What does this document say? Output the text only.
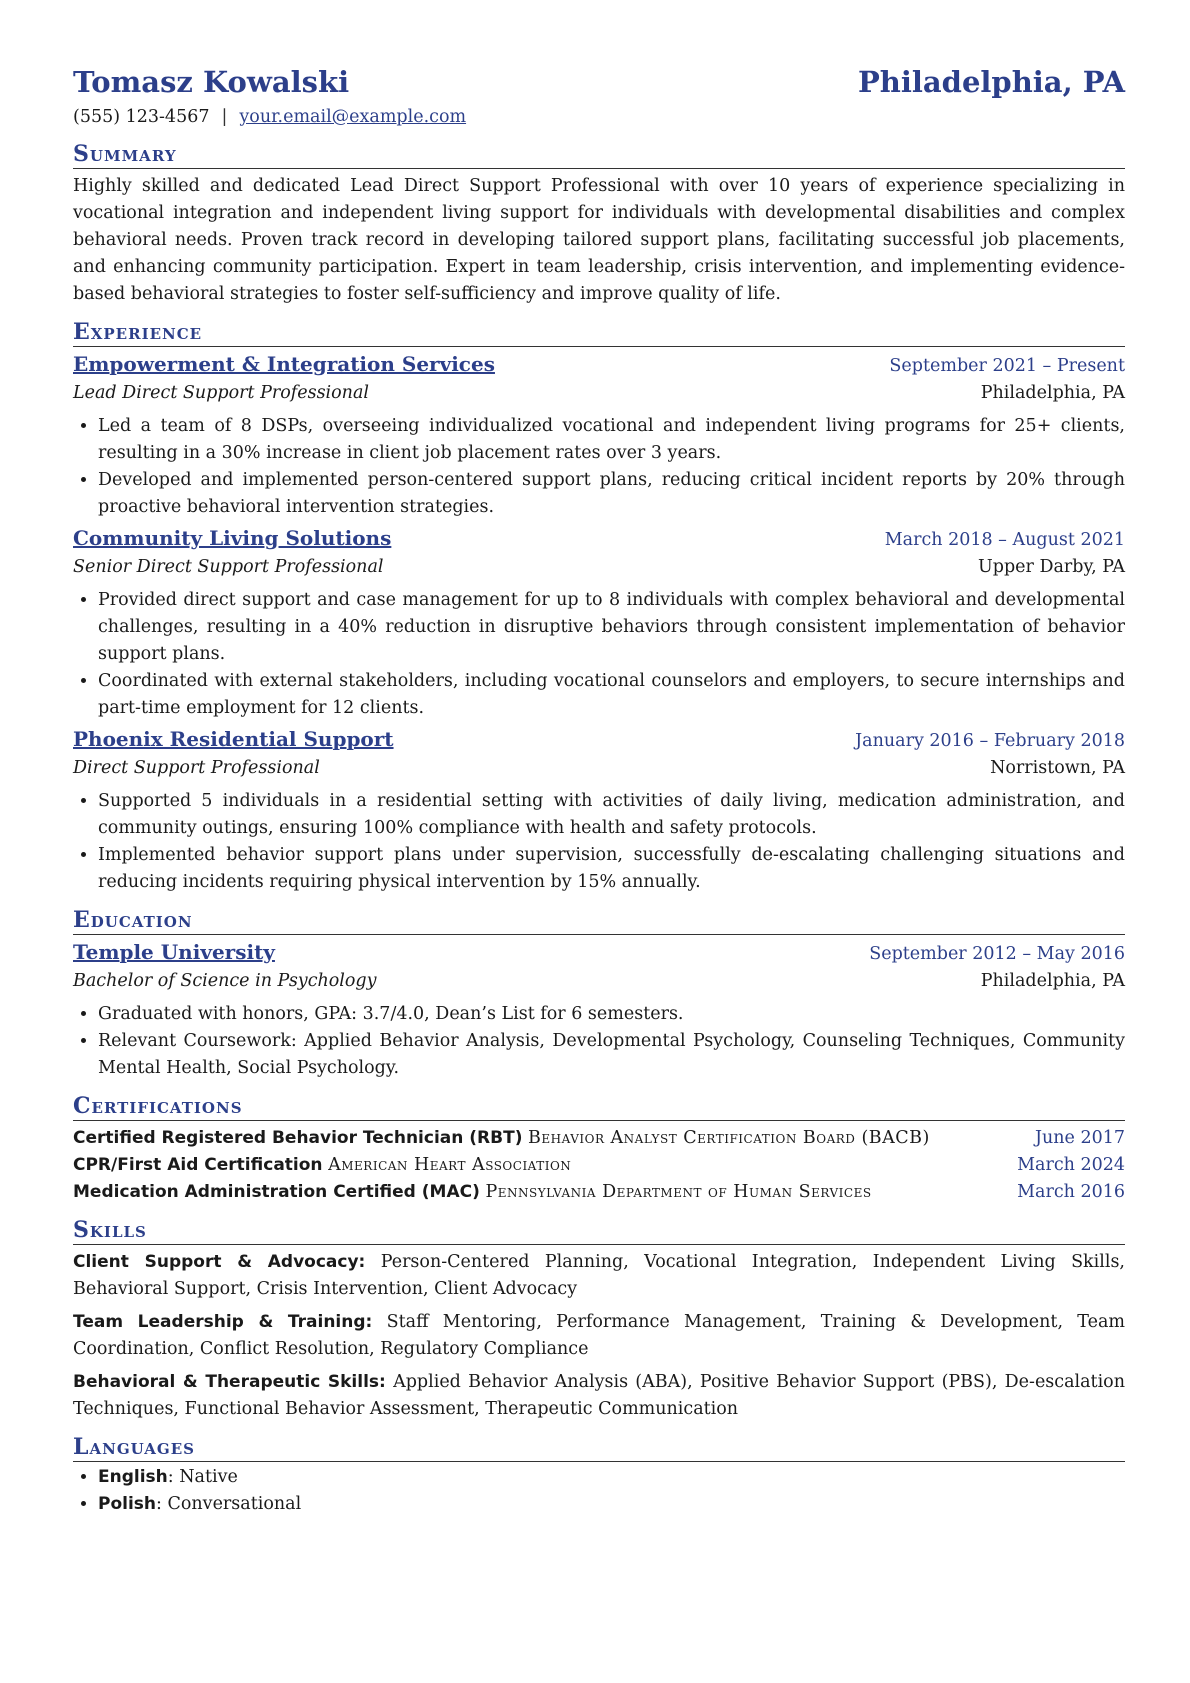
Tomasz Kowalski	Philadelphia, PA
(555) 123-4567 | your.email@example.com
Summary

Highly skilled and dedicated Lead Direct Support Professional with over 10 years of experience specializing in vocational integration and independent living support for individuals with developmental disabilities and complex behavioral needs. Proven track record in developing tailored support plans, facilitating successful job placements, and enhancing community participation. Expert in team leadership, crisis intervention, and implementing evidence-based behavioral strategies to foster self-sufficiency and improve quality of life.

Experience
Empowerment & Integration Services	September 2021 – Present
Lead Direct Support Professional	Philadelphia, PA
• Led a team of 8 DSPs, overseeing individualized vocational and independent living programs for 25+ clients, resulting in a 30% increase in client job placement rates over 3 years.
• Developed and implemented person-centered support plans, reducing critical incident reports by 20% through proactive behavioral intervention strategies.
Community Living Solutions	March 2018 – August 2021
Senior Direct Support Professional	Upper Darby, PA
• Provided direct support and case management for up to 8 individuals with complex behavioral and developmental challenges, resulting in a 40% reduction in disruptive behaviors through consistent implementation of behavior support plans.
• Coordinated with external stakeholders, including vocational counselors and employers, to secure internships and part-time employment for 12 clients.
Phoenix Residential Support	January 2016 – February 2018
Direct Support Professional	Norristown, PA
• Supported 5 individuals in a residential setting with activities of daily living, medication administration, and community outings, ensuring 100% compliance with health and safety protocols.
• Implemented behavior support plans under supervision, successfully de-escalating challenging situations and reducing incidents requiring physical intervention by 15% annually.
Education
Temple University	September 2012 – May 2016
Bachelor of Science in Psychology	Philadelphia, PA
• Graduated with honors, GPA: 3.7/4.0, Dean’s List for 6 semesters.
• Relevant Coursework: Applied Behavior Analysis, Developmental Psychology, Counseling Techniques, Community Mental Health, Social Psychology.
Certifications
Certified Registered Behavior Technician (RBT) Behavior Analyst Certification Board (BACB)	June 2017
CPR/First Aid Certification American Heart Association	March 2024
Medication Administration Certified (MAC) Pennsylvania Department of Human Services	March 2016
Skills
Client Support & Advocacy: Person-Centered Planning, Vocational Integration, Independent Living Skills, Behavioral Support, Crisis Intervention, Client Advocacy
Team Leadership & Training: Staff Mentoring, Performance Management, Training & Development, Team Coordination, Conflict Resolution, Regulatory Compliance
Behavioral & Therapeutic Skills: Applied Behavior Analysis (ABA), Positive Behavior Support (PBS), De-escalation Techniques, Functional Behavior Assessment, Therapeutic Communication
Languages
• English: Native
• Polish: Conversational
